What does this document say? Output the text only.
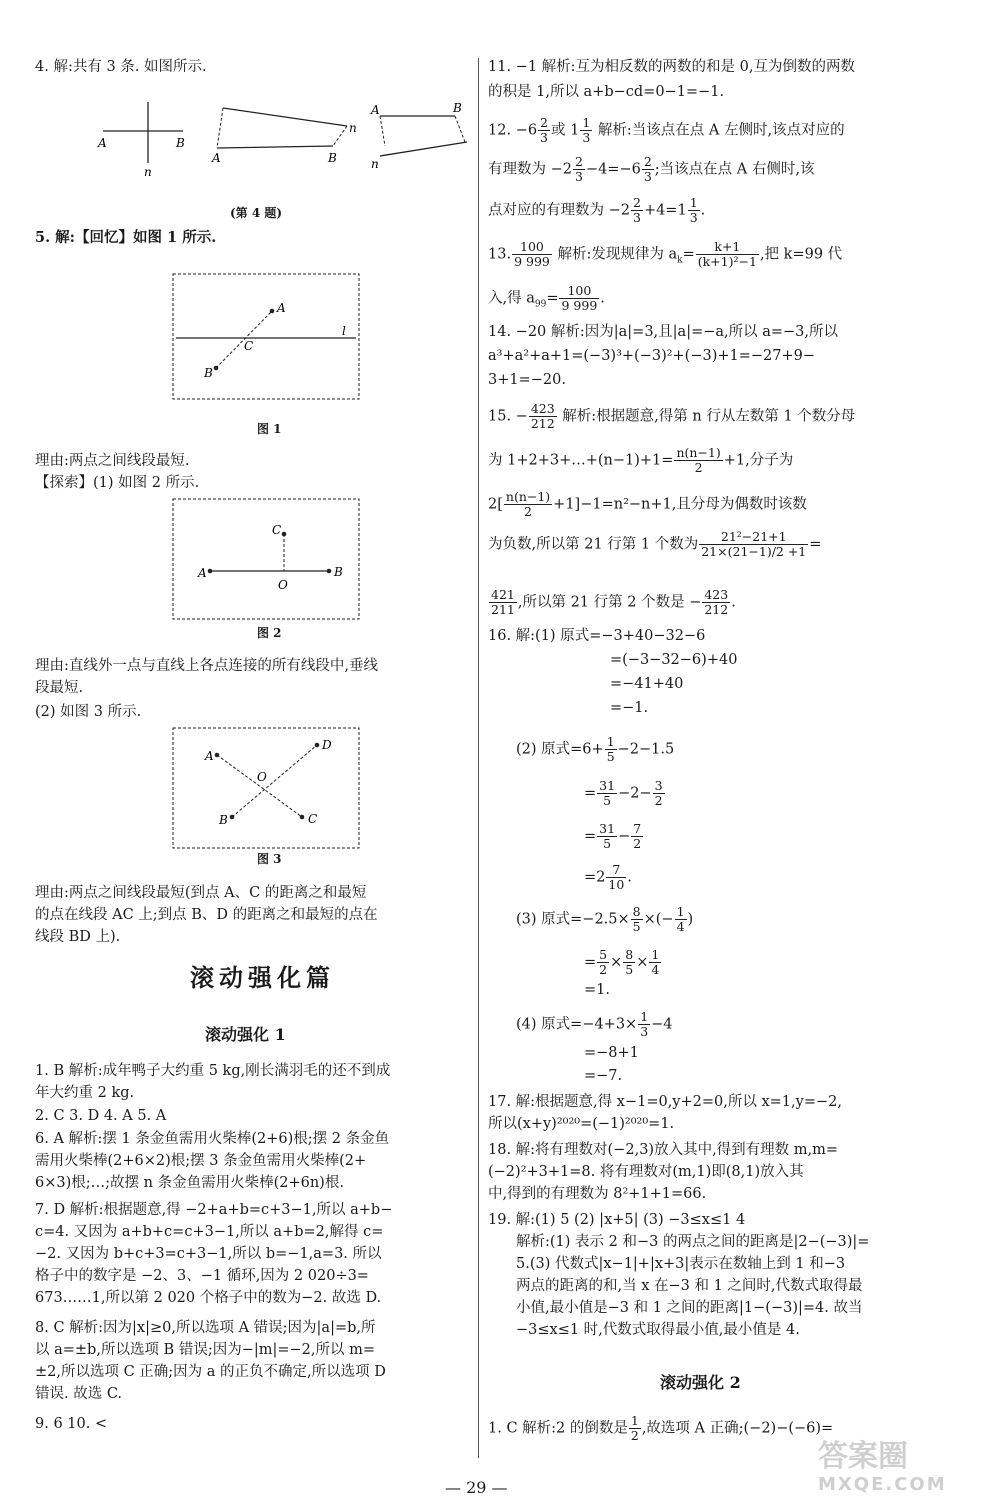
4. 解:共有 3 条. 如图所示.
A	B
n
A	B
n
A	B
n
(第 4 题)
5. 解:【回忆】如图 1 所示.
A
B
C
l
图 1
理由:两点之间线段最短.
【探索】(1) 如图 2 所示.
A	B
C
O
图 2
理由:直线外一点与直线上各点连接的所有线段中,垂线
段最短.
(2) 如图 3 所示.
A
C
B
D
O
图 3
理由:两点之间线段最短(到点 A、C 的距离之和最短
的点在线段 AC 上;到点 B、D 的距离之和最短的点在
线段 BD 上).
滚动强化篇
滚动强化 1
1. B 解析:成年鸭子大约重 5 kg,刚长满羽毛的还不到成
年大约重 2 kg.
2. C 3. D 4. A 5. A
6. A 解析:摆 1 条金鱼需用火柴棒(2+6)根;摆 2 条金鱼
需用火柴棒(2+6×2)根;摆 3 条金鱼需用火柴棒(2+
6×3)根;…;故摆 n 条金鱼需用火柴棒(2+6n)根.
7. D 解析:根据题意,得 −2+a+b=c+3−1,所以 a+b−
c=4. 又因为 a+b+c=c+3−1,所以 a+b=2,解得 c=
−2. 又因为 b+c+3=c+3−1,所以 b=−1,a=3. 所以
格子中的数字是 −2、3、−1 循环,因为 2 020÷3=
673……1,所以第 2 020 个格子中的数为−2. 故选 D.
8. C 解析:因为|x|≥0,所以选项 A 错误;因为|a|=b,所
以 a=±b,所以选项 B 错误;因为−|m|=−2,所以 m=
±2,所以选项 C 正确;因为 a 的正负不确定,所以选项 D
错误. 故选 C.
9. 6 10. <
11. −1 解析:互为相反数的两数的和是 0,互为倒数的两数
的积是 1,所以 a+b−cd=0−1=−1.
12. $-6 \frac{2}{3}$ 或 $1 \frac{1}{3}$ 解析:当该点在点 A 左侧时,该点对应的
有理数为 $-2 \frac{2}{3} -4=-6 \frac{2}{3}$ ;当该点在点 A 右侧时,该
点对应的有理数为 $-2 \frac{2}{3} +4=1 \frac{1}{3}$ .
13. $\frac{100}{9 999}$ 解析:发现规律为 $a_k= \frac{k+1}{\text{(k+1)²−1}}$ ,把 k=99 代
入,得 $a_{99}= \frac{100}{9 999}$ .
14. −20 解析:因为|a|=3,且|a|=−a,所以 a=−3,所以
a³+a²+a+1=(−3)³+(−3)²+(−3)+1=−27+9−
3+1=−20.
15. − $\frac{423}{212}$ 解析:根据题意,得第 n 行从左数第 1 个数分母
为 1+2+3+…+(n−1)+1= $\frac{n(n-1)}{2} +1$,分子为
$2[ \frac{n(n-1)}{2} +1]-1=n^2-n+1$,且分母为偶数时该数
为负数,所以第 21 行第 1 个数为 $\frac{\text{21²−21+1}}{21\times(21-1)/2 +1}$ =
$\frac{421}{211}$ ,所以第 21 行第 2 个数是 − $\frac{423}{212}$ .
16. 解:(1) 原式=−3+40−32−6
=(−3−32−6)+40
=−41+40
=−1.
(2) 原式$=6+ \frac{1}{5} -2-1.5$
= $\frac{31}{5} -2- \frac{3}{2}$
= $\frac{31}{5} - \frac{7}{2}$
$=2 \frac{7}{10}$ .
(3) 原式$=-2.5\times \frac{8}{5}$ ×(− $\frac{1}{4}$ )
= $\frac{5}{2} \times \frac{8}{5} \times \frac{1}{4}$
=1.
(4) 原式$=-4+3\times \frac{1}{3} -4$
=−8+1
=−7.
17. 解:根据题意,得 x−1=0,y+2=0,所以 x=1,y=−2,
所以(x+y)²⁰²⁰=(−1)²⁰²⁰=1.
18. 解:将有理数对(−2,3)放入其中,得到有理数 m,m=
(−2)²+3+1=8. 将有理数对(m,1)即(8,1)放入其
中,得到的有理数为 8²+1+1=66.
19. 解:(1) 5 (2) |x+5| (3) −3≤x≤1 4
解析:(1) 表示 2 和−3 的两点之间的距离是|2−(−3)|=
5.(3) 代数式|x−1|+|x+3|表示在数轴上到 1 和−3
两点的距离的和,当 x 在−3 和 1 之间时,代数式取得最
小值,最小值是−3 和 1 之间的距离|1−(−3)|=4. 故当
−3≤x≤1 时,代数式取得最小值,最小值是 4.
1. C 解析:2 的倒数是 $\frac{1}{2}$ ,故选项 A 正确;(−2)−(−6)=
滚动强化 2
— 29 —
答案圈
MXQE.COM
